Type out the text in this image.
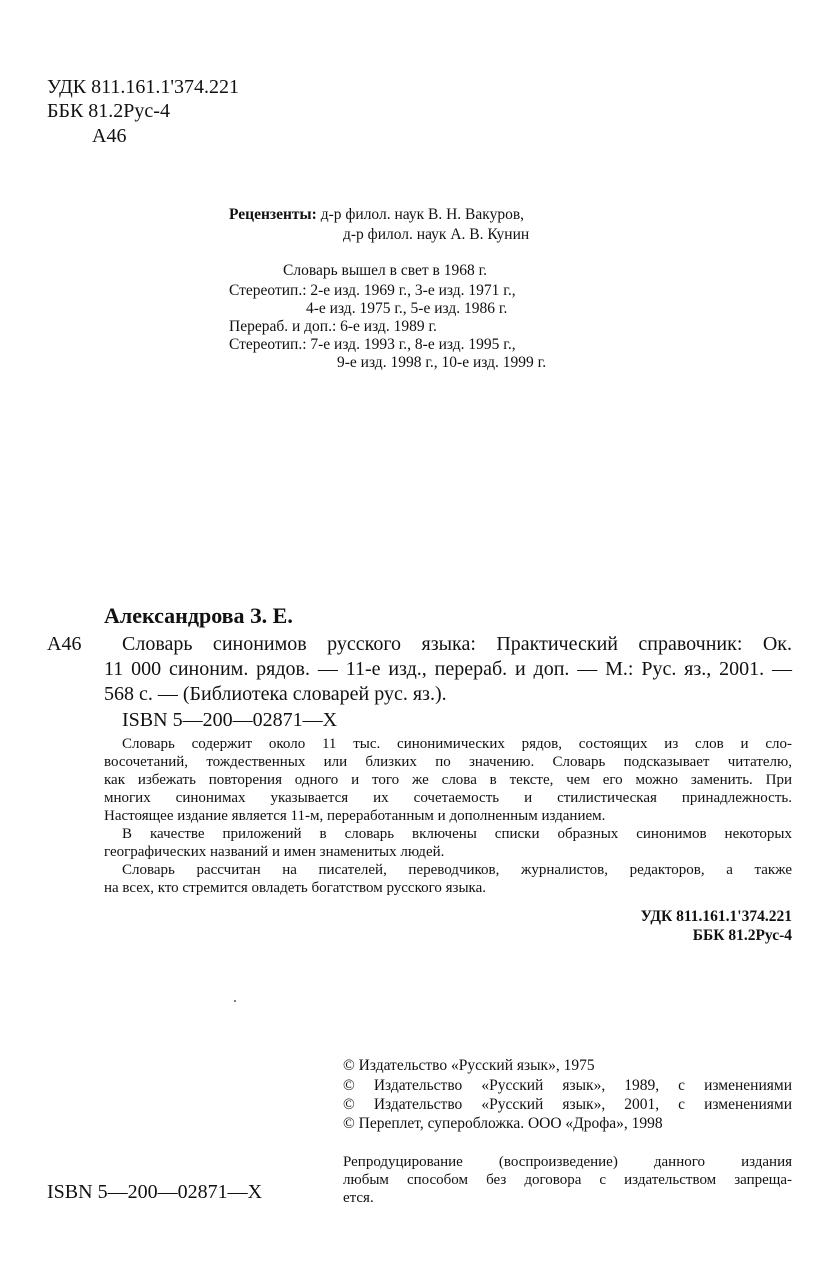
УДК 811.161.1'374.221
ББК 81.2Рус-4
А46
Рецензенты: д-р филол. наук В. Н. Вакуров,
д-р филол. наук А. В. Кунин
Словарь вышел в свет в 1968 г.
Стереотип.: 2-е изд. 1969 г., 3-е изд. 1971 г.,
4-е изд. 1975 г., 5-е изд. 1986 г.
Перераб. и доп.: 6-е изд. 1989 г.
Стереотип.: 7-е изд. 1993 г., 8-е изд. 1995 г.,
9-е изд. 1998 г., 10-е изд. 1999 г.
Александрова З. Е.
А46 Словарь синонимов русского языка: Практический справочник: Ок.
11 000 синоним. рядов. — 11-е изд., перераб. и доп. — М.: Рус. яз., 2001. —
568 с. — (Библиотека словарей рус. яз.).
ISBN 5—200—02871—X
Словарь содержит около 11 тыс. синонимических рядов, состоящих из слов и сло-
восочетаний, тождественных или близких по значению. Словарь подсказывает читателю,
как избежать повторения одного и того же слова в тексте, чем его можно заменить. При
многих синонимах указывается их сочетаемость и стилистическая принадлежность.
Настоящее издание является 11-м, переработанным и дополненным изданием.
В качестве приложений в словарь включены списки образных синонимов некоторых
географических названий и имен знаменитых людей.
Словарь рассчитан на писателей, переводчиков, журналистов, редакторов, а также
на всех, кто стремится овладеть богатством русского языка.
УДК 811.161.1'374.221
ББК 81.2Рус-4
© Издательство «Русский язык», 1975
© Издательство «Русский язык», 1989, с изменениями
© Издательство «Русский язык», 2001, с изменениями
© Переплет, суперобложка. ООО «Дрофа», 1998
Репродуцирование (воспроизведение) данного издания
любым способом без договора с издательством запреща-
ется.
ISBN 5—200—02871—X
